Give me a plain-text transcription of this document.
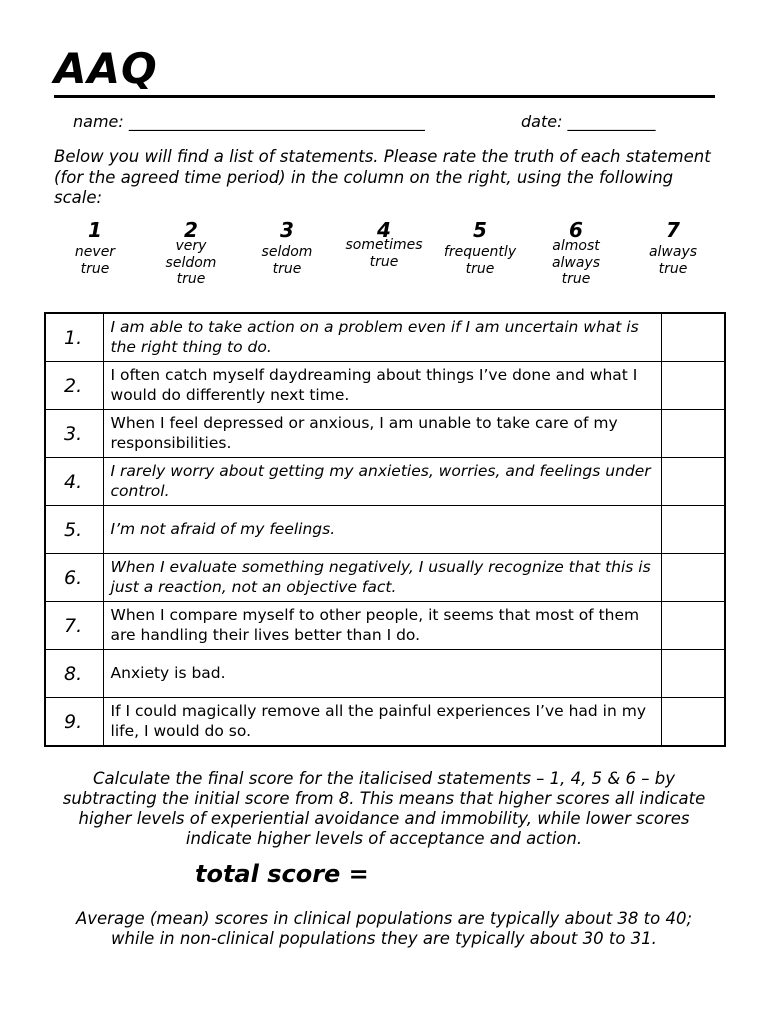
AAQ
name: _____________________________________	date: ___________
Below you will find a list of statements. Please rate the truth of each statement (for the agreed time period) in the column on the right, using the following scale:
1
never true
2
very seldom true
3
seldom true
4
sometimes true
5
frequently true
6
almost always true
7
always true
1.	I am able to take action on a problem even if I am uncertain what is the right thing to do.	
2.	I often catch myself daydreaming about things I’ve done and what I would do differently next time.	
3.	When I feel depressed or anxious, I am unable to take care of my responsibilities.	
4.	I rarely worry about getting my anxieties, worries, and feelings under control.	
5.	I’m not afraid of my feelings.	
6.	When I evaluate something negatively, I usually recognize that this is just a reaction, not an objective fact.	
7.	When I compare myself to other people, it seems that most of them are handling their lives better than I do.	
8.	Anxiety is bad.	
9.	If I could magically remove all the painful experiences I’ve had in my life, I would do so.	
Calculate the final score for the italicised statements – 1, 4, 5 & 6 – by subtracting the initial score from 8. This means that higher scores all indicate higher levels of experiential avoidance and immobility, while lower scores indicate higher levels of acceptance and action.
total score =
Average (mean) scores in clinical populations are typically about 38 to 40;       while in non-clinical populations they are typically about 30 to 31.
